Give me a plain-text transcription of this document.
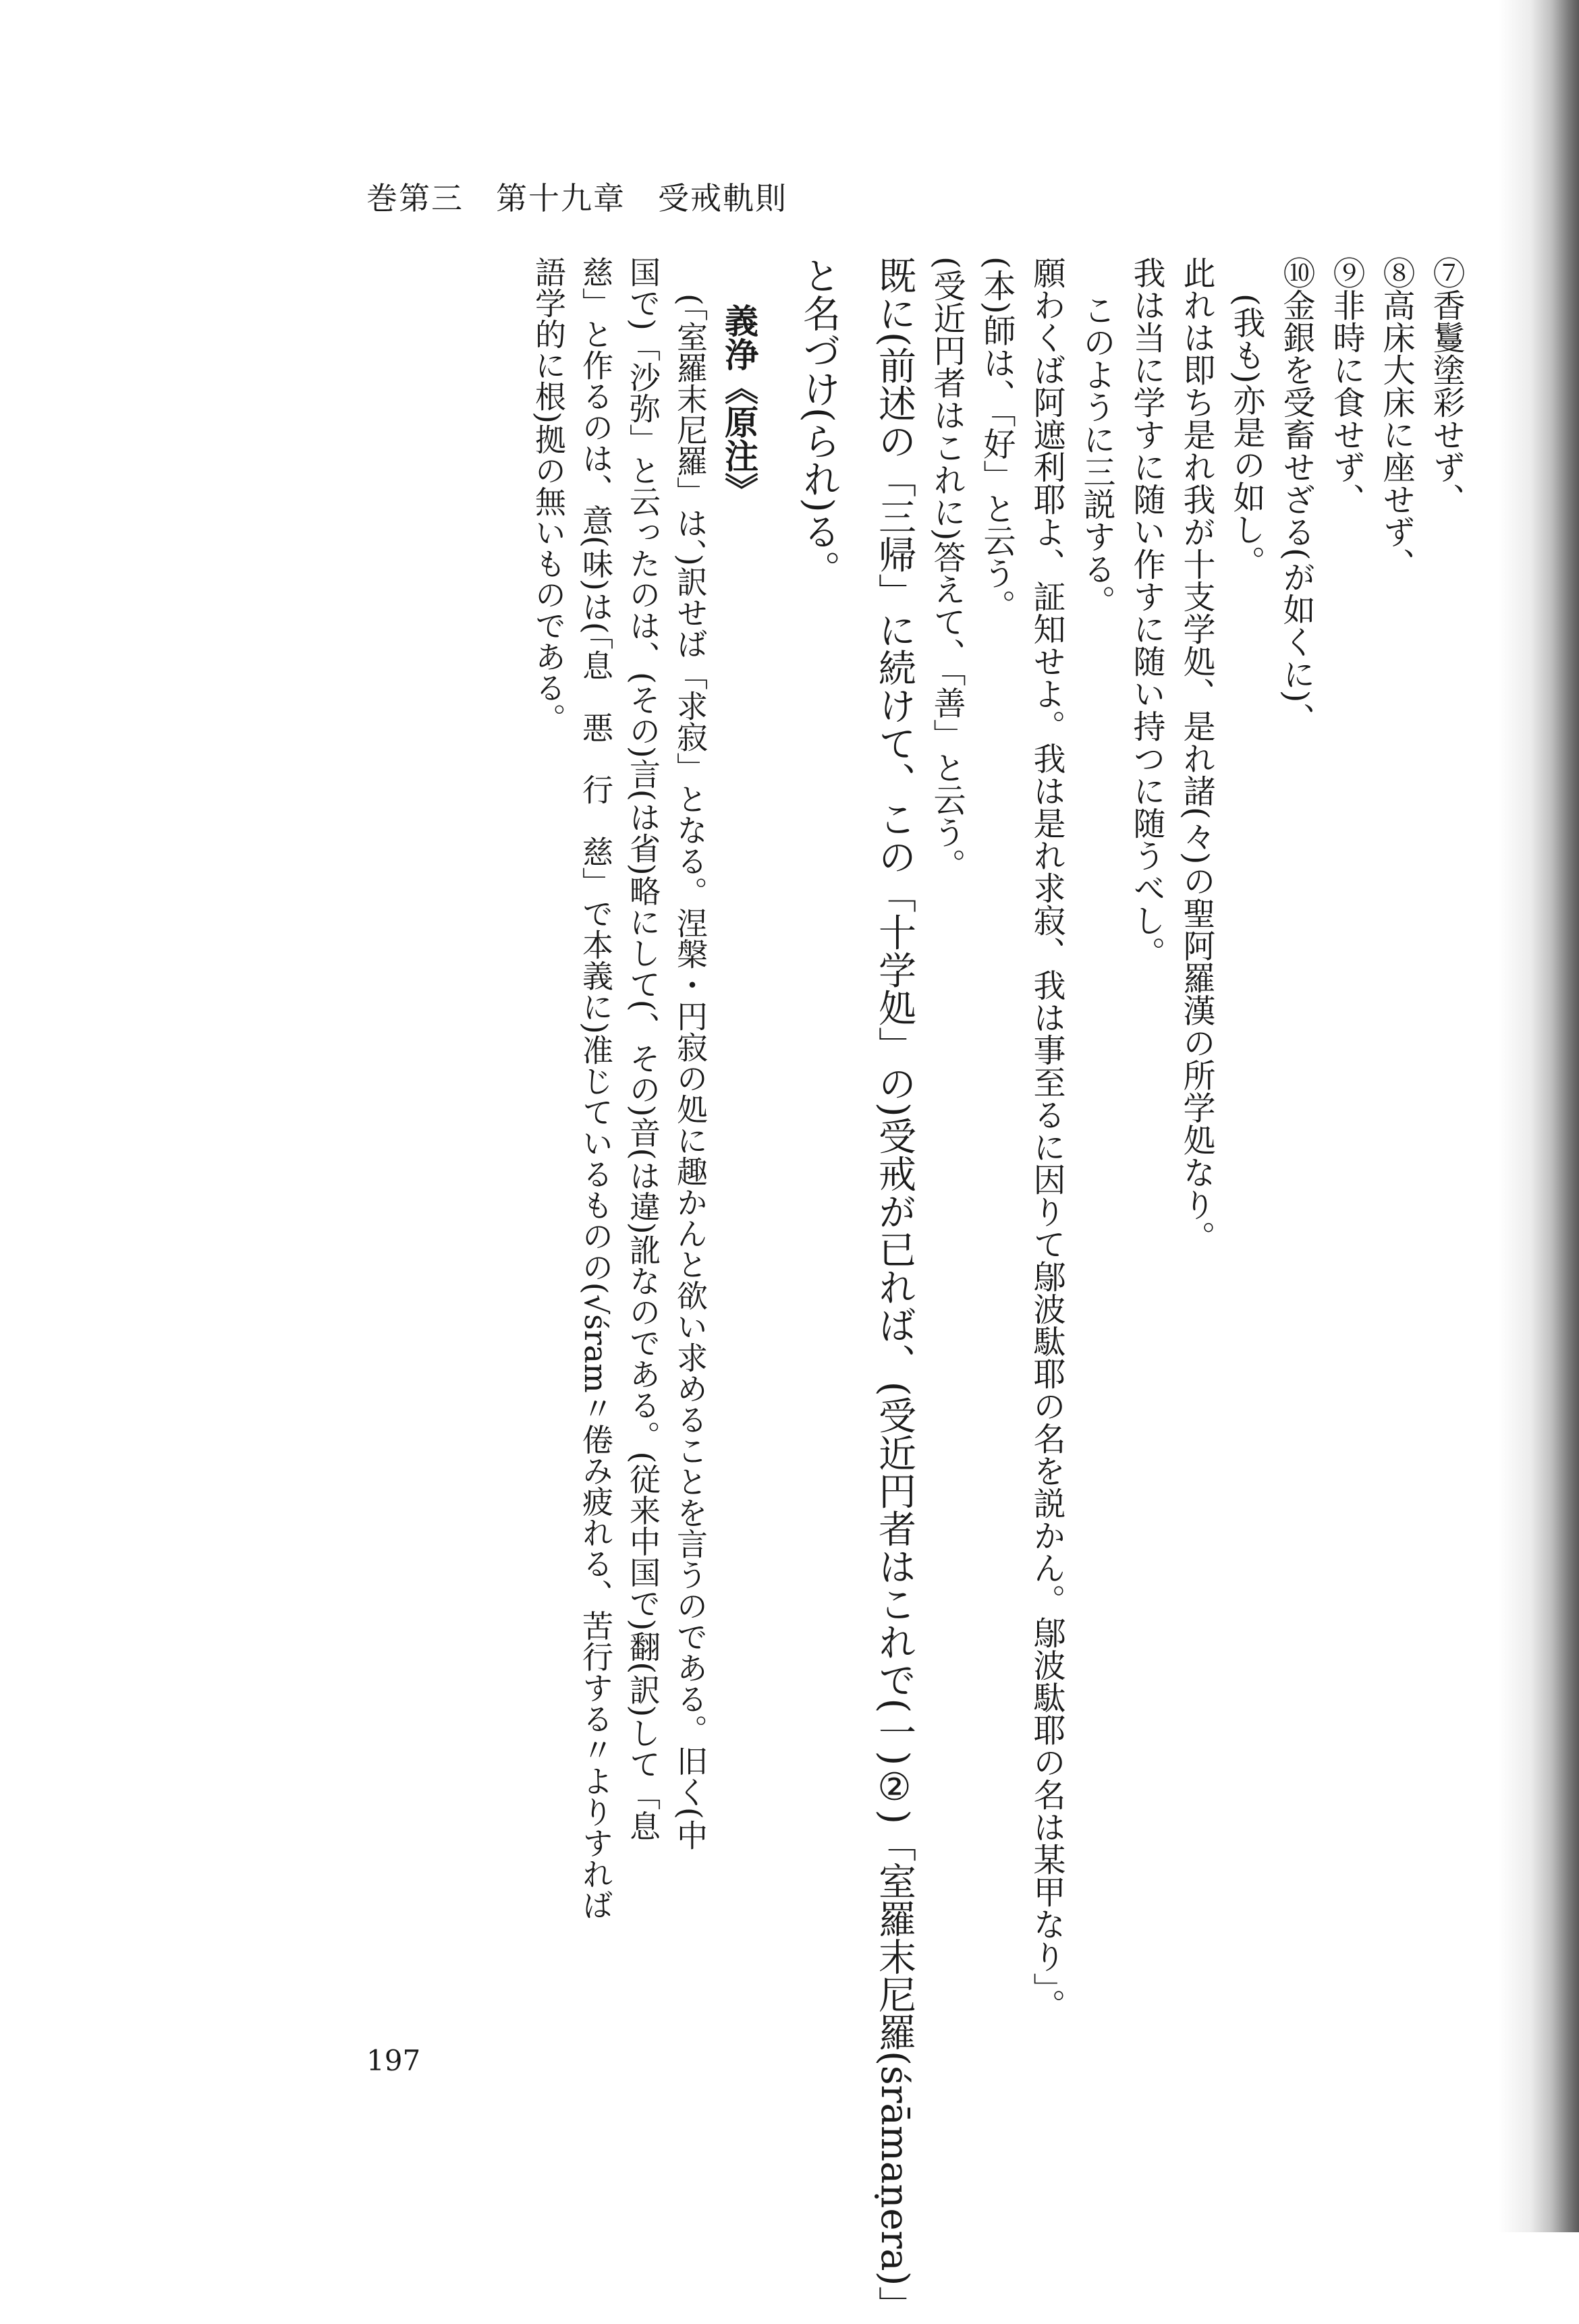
巻第三　第十九章　受戒軌則

⑦香鬘塗彩せず、

⑧高床大床に座せず、

⑨非時に食せず、

⑩金銀を受畜せざる(が如くに)、

(我も)亦是の如し。

此れは即ち是れ我が十支学処、是れ諸(々)の聖阿羅漢の所学処なり。

我は当に学すに随い作すに随い持つに随うべし。

このように三説する。

願わくば阿遮利耶よ、証知せよ。我は是れ求寂、我は事至るに因りて鄔波駄耶の名を説かん。鄔波駄耶の名は某甲なり」。

(本)師は、「好」と云う。

(受近円者はこれに)答えて、「善」と云う。

既に(前述の「三帰」に続けて、この「十学処」の)受戒が已れば、(受近円者はこれで(一)②)「室羅末尼羅(śrāmaṇera)」

と名づけ(られ)る。

義浄《原注》

(「室羅末尼羅」は、)訳せば「求寂」となる。涅槃・円寂の処に趣かんと欲い求めることを言うのである。旧く(中

国で)「沙弥」と云ったのは、(その)言(は省)略にして(、その)音(は違)訛なのである。(従来中国で)翻(訳)して「息

慈」と作るのは、意(味)は(「息　悪　行　慈」で本義に)准じているものの(√śram〃倦み疲れる、苦行する〃よりすれば

語学的に根)拠の無いものである。

197
